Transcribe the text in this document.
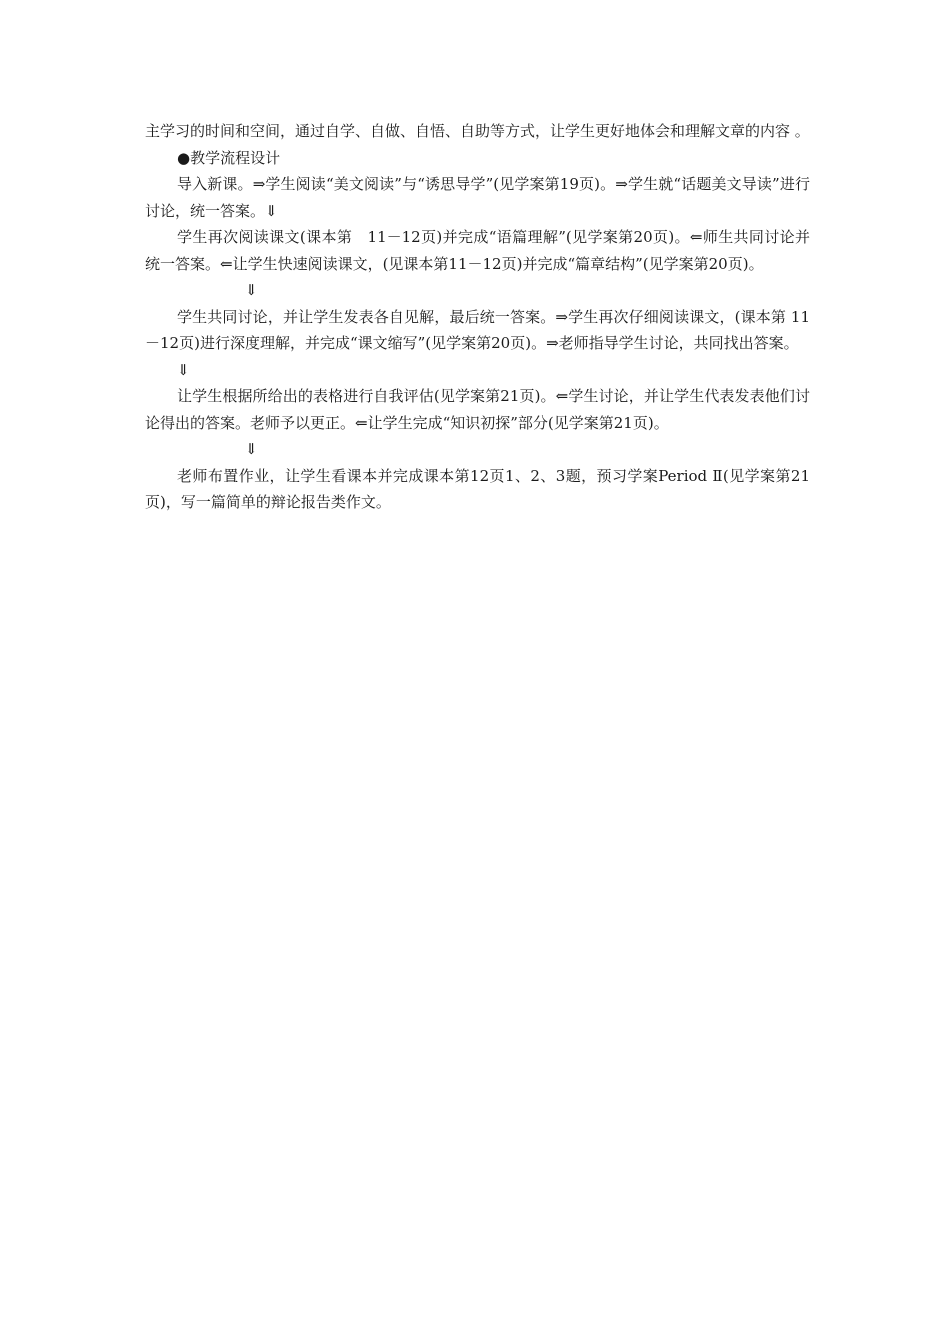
主学习的时间和空间，通过自学、自做、自悟、自助等方式，让学生更好地体会和理解文章的内容 。

●教学流程设计

导入新课。⇒学生阅读“美文阅读”与“诱思导学”(见学案第19页)。⇒学生就“话题美文导读”进行讨论，统一答案。⇓

学生再次阅读课文(课本第　11－12页)并完成“语篇理解”(见学案第20页)。⇐师生共同讨论并统一答案。⇐让学生快速阅读课文，(见课本第11－12页)并完成“篇章结构”(见学案第20页)。

⇓

学生共同讨论，并让学生发表各自见解，最后统一答案。⇒学生再次仔细阅读课文，(课本第 11－12页)进行深度理解，并完成“课文缩写”(见学案第20页)。⇒老师指导学生讨论，共同找出答案。

⇓

让学生根据所给出的表格进行自我评估(见学案第21页)。⇐学生讨论，并让学生代表发表他们讨论得出的答案。老师予以更正。⇐让学生完成“知识初探”部分(见学案第21页)。

⇓

老师布置作业，让学生看课本并完成课本第12页1、2、3题，预习学案Period Ⅱ(见学案第21页)，写一篇简单的辩论报告类作文。
